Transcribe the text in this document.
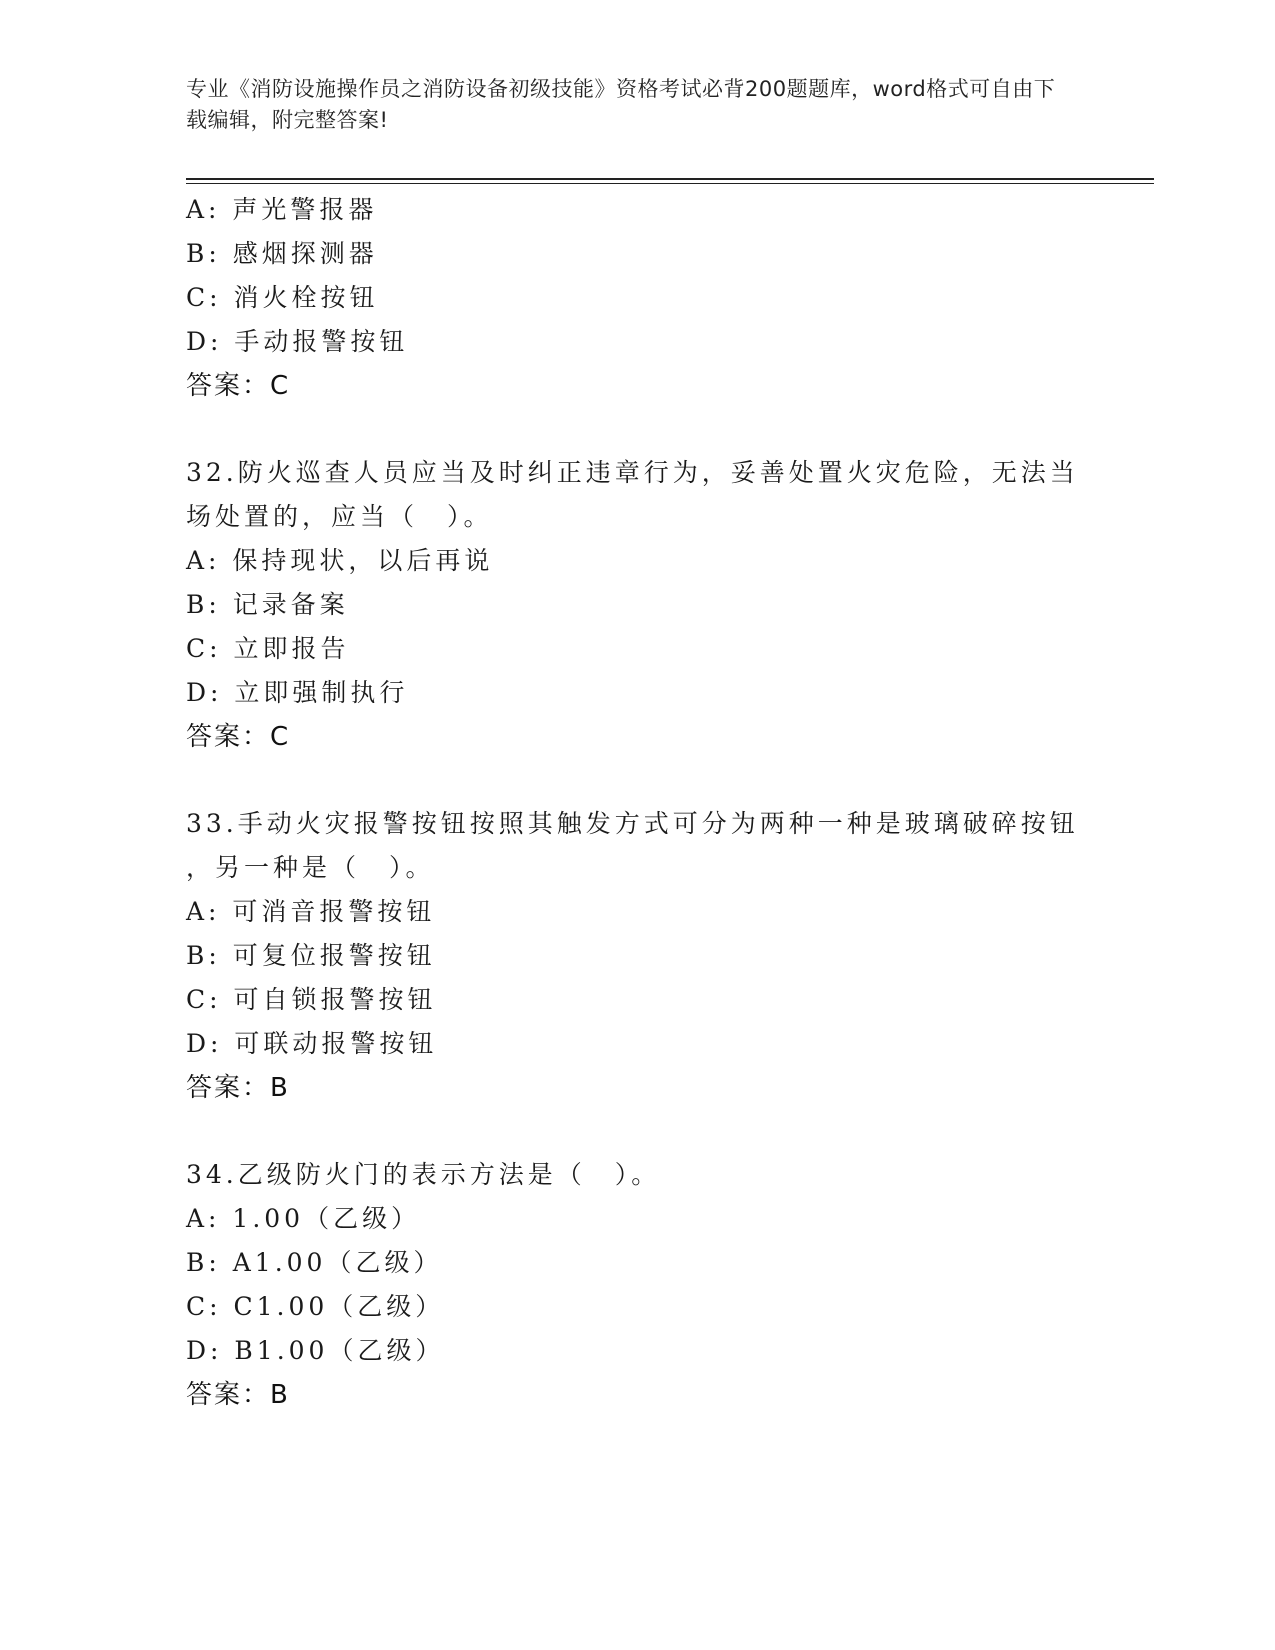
专业《消防设施操作员之消防设备初级技能》资格考试必背200题题库，word格式可自由下载编辑，附完整答案!
A: 声光警报器
B: 感烟探测器
C: 消火栓按钮
D: 手动报警按钮
答案：C
32.防火巡查人员应当及时纠正违章行为，妥善处置火灾危险，无法当
场处置的，应当（　）。
A: 保持现状，以后再说
B: 记录备案
C: 立即报告
D: 立即强制执行
答案：C
33.手动火灾报警按钮按照其触发方式可分为两种一种是玻璃破碎按钮
，另一种是（　）。
A: 可消音报警按钮
B: 可复位报警按钮
C: 可自锁报警按钮
D: 可联动报警按钮
答案：B
34.乙级防火门的表示方法是（　）。
A: 1.00（乙级）
B: A1.00（乙级）
C: C1.00（乙级）
D: B1.00（乙级）
答案：B
